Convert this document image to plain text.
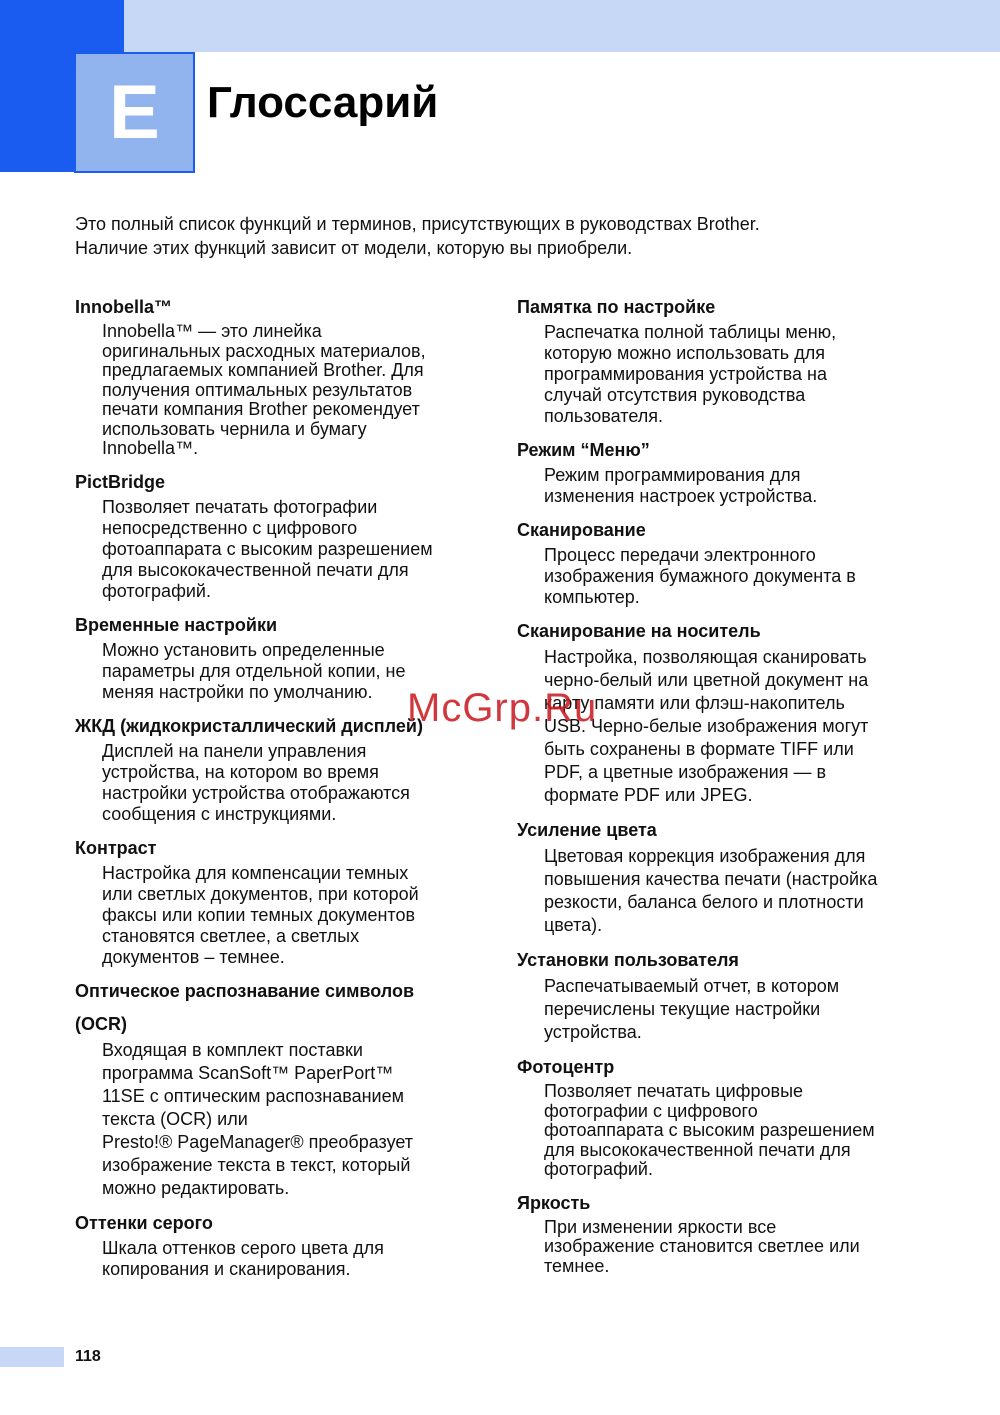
E Глоссарий

Это полный список функций и терминов, присутствующих в руководствах Brother.
Наличие этих функций зависит от модели, которую вы приобрели.

Innobella™

Innobella™ — это линейка
оригинальных расходных материалов,
предлагаемых компанией Brother. Для
получения оптимальных результатов
печати компания Brother рекомендует
использовать чернила и бумагу
Innobella™.

PictBridge

Позволяет печатать фотографии
непосредственно с цифрового
фотоаппарата с высоким разрешением
для высококачественной печати для
фотографий.

Временные настройки

Можно установить определенные
параметры для отдельной копии, не
меняя настройки по умолчанию.

ЖКД (жидкокристаллический дисплей)

Дисплей на панели управления
устройства, на котором во время
настройки устройства отображаются
сообщения с инструкциями.

Контраст

Настройка для компенсации темных
или светлых документов, при которой
факсы или копии темных документов
становятся светлее, а светлых
документов – темнее.

Оптическое распознавание символов

(OCR)

Входящая в комплект поставки
программа ScanSoft™ PaperPort™
11SE с оптическим распознаванием
текста (OCR) или
Presto!® PageManager® преобразует
изображение текста в текст, который
можно редактировать.

Оттенки серого

Шкала оттенков серого цвета для
копирования и сканирования.

Памятка по настройке

Распечатка полной таблицы меню,
которую можно использовать для
программирования устройства на
случай отсутствия руководства
пользователя.

Режим “Меню”

Режим программирования для
изменения настроек устройства.

Сканирование

Процесс передачи электронного
изображения бумажного документа в
компьютер.

Сканирование на носитель

Настройка, позволяющая сканировать
черно-белый или цветной документ на
карту памяти или флэш-накопитель
USB. Черно-белые изображения могут
быть сохранены в формате TIFF или
PDF, а цветные изображения — в
формате PDF или JPEG.

Усиление цвета

Цветовая коррекция изображения для
повышения качества печати (настройка
резкости, баланса белого и плотности
цвета).

Установки пользователя

Распечатываемый отчет, в котором
перечислены текущие настройки
устройства.

Фотоцентр

Позволяет печатать цифровые
фотографии с цифрового
фотоаппарата с высоким разрешением
для высококачественной печати для
фотографий.

Яркость

При изменении яркости все
изображение становится светлее или
темнее.

McGrp.Ru
118
